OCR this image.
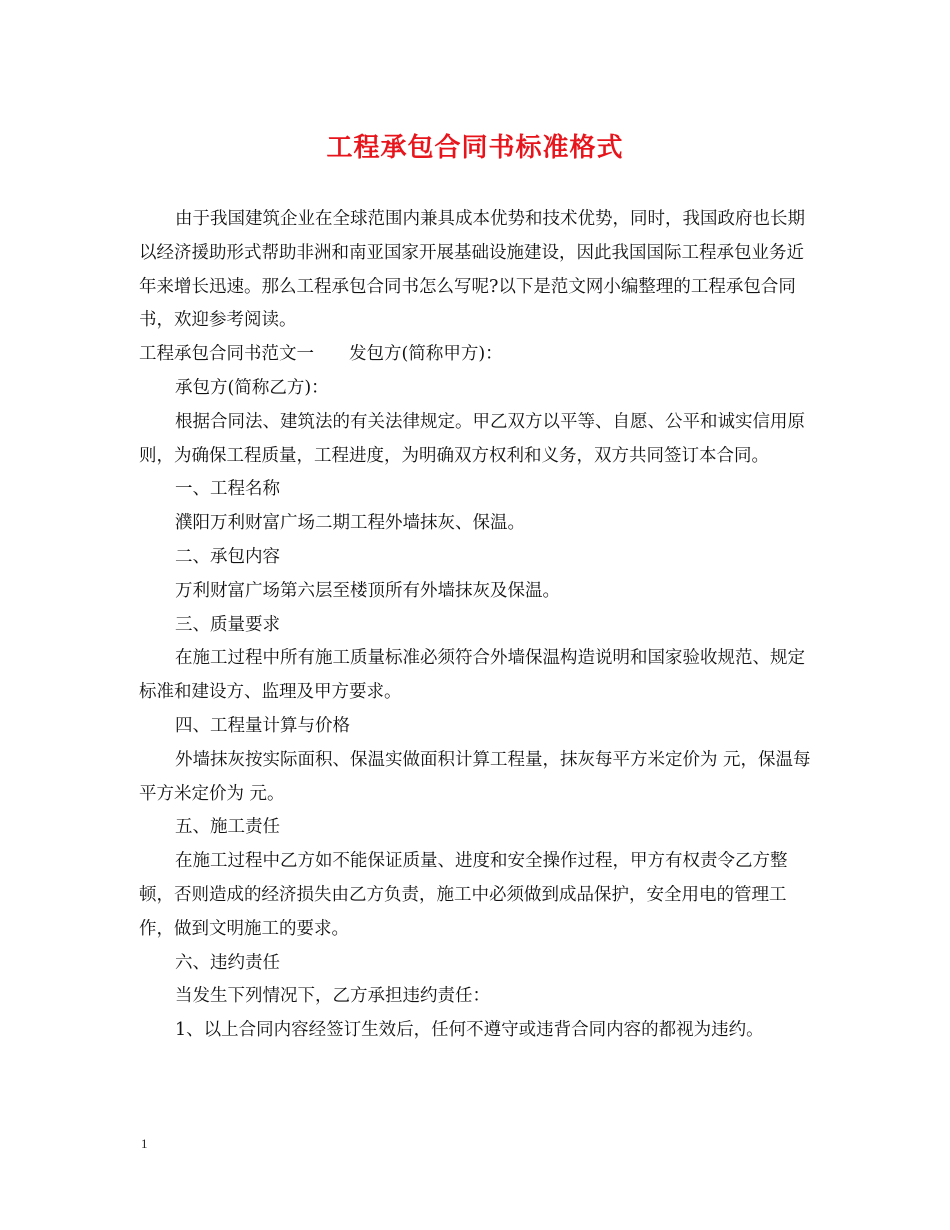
工程承包合同书标准格式

由于我国建筑企业在全球范围内兼具成本优势和技术优势，同时，我国政府也长期以经济援助形式帮助非洲和南亚国家开展基础设施建设，因此我国国际工程承包业务近年来增长迅速。那么工程承包合同书怎么写呢?以下是范文网小编整理的工程承包合同书，欢迎参考阅读。

工程承包合同书范文一　　发包方(简称甲方)：

承包方(简称乙方)：

根据合同法、建筑法的有关法律规定。甲乙双方以平等、自愿、公平和诚实信用原则，为确保工程质量，工程进度，为明确双方权利和义务，双方共同签订本合同。

一、工程名称

濮阳万利财富广场二期工程外墙抹灰、保温。

二、承包内容

万利财富广场第六层至楼顶所有外墙抹灰及保温。

三、质量要求

在施工过程中所有施工质量标准必须符合外墙保温构造说明和国家验收规范、规定标准和建设方、监理及甲方要求。

四、工程量计算与价格

外墙抹灰按实际面积、保温实做面积计算工程量，抹灰每平方米定价为 元，保温每平方米定价为 元。

五、施工责任

在施工过程中乙方如不能保证质量、进度和安全操作过程，甲方有权责令乙方整顿，否则造成的经济损失由乙方负责，施工中必须做到成品保护，安全用电的管理工作，做到文明施工的要求。

六、违约责任

当发生下列情况下，乙方承担违约责任：

1、以上合同内容经签订生效后，任何不遵守或违背合同内容的都视为违约。

1
